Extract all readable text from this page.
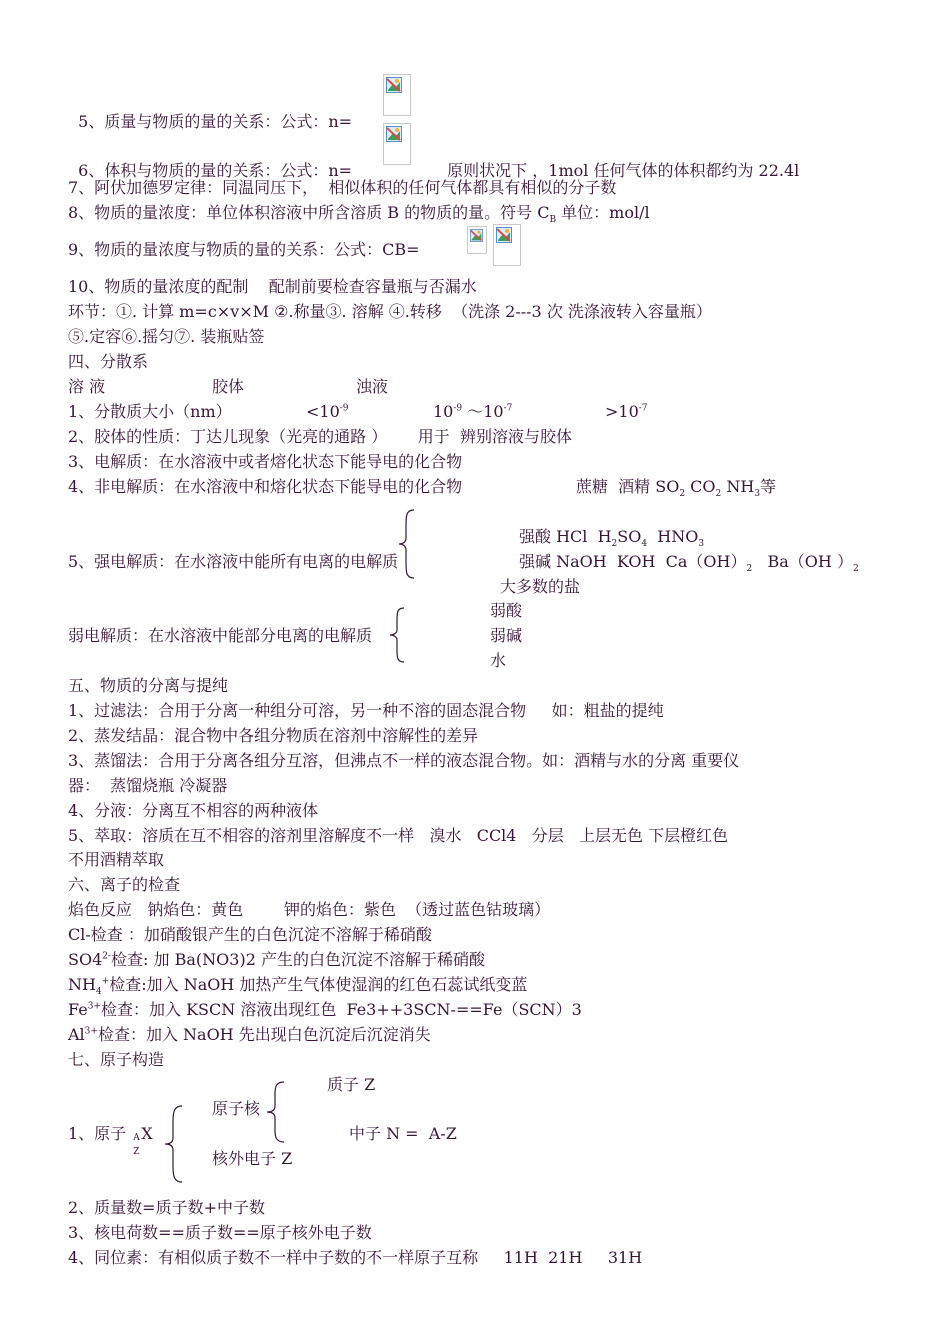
5、质量与物质的量的关系：公式：n=

6、体积与物质的量的关系：公式：n=	原则状况下 ，1mol 任何气体的体积都约为 22.4l

7、阿伏加德罗定律：同温同压下，  相似体积的任何气体都具有相似的分子数
8、物质的量浓度：单位体积溶液中所含溶质 B 的物质的量。符号 $C_B$ 单位：mol/l
9、物质的量浓度与物质的量的关系：公式：CB=
10、物质的量浓度的配制    配制前要检查容量瓶与否漏水
环节：①. 计算 m=c×v×M ②.称量③. 溶解 ④.转移  （洗涤 2---3 次 洗涤液转入容量瓶）
⑤.定容⑥.摇匀⑦. 装瓶贴签
四、分散系
溶 液	胶体	浊液
1、分散质大小（nm）	$<10^{-9}$	$10^{-9}$ $\sim 10^{-7}$	$>10^{-7}$
2、胶体的性质：丁达儿现象（光亮的通路 ）      用于  辨别溶液与胶体
3、电解质：在水溶液中或者熔化状态下能导电的化合物
4、非电解质：在水溶液中和熔化状态下能导电的化合物	蔗糖  酒精 $SO_2$ $CO_2$ $NH_3$等
强酸 HCl  $H_2SO_4$  $HNO_3$
5、强电解质：在水溶液中能所有电离的电解质	强碱 NaOH  KOH  $Ca(OH)_2$   Ba（OH ）$_2$
大多数的盐
弱酸
弱电解质：在水溶液中能部分电离的电解质	弱碱
水
五、物质的分离与提纯
1、过滤法：合用于分离一种组分可溶，另一种不溶的固态混合物     如：粗盐的提纯
2、蒸发结晶：混合物中各组分物质在溶剂中溶解性的差异
3、蒸馏法：合用于分离各组分互溶，但沸点不一样的液态混合物。如：酒精与水的分离 重要仪
器：  蒸馏烧瓶 冷凝器
4、分液：分离互不相容的两种液体
5、萃取：溶质在互不相容的溶剂里溶解度不一样   溴水   CCl4   分层   上层无色 下层橙红色
不用酒精萃取
六、离子的检查
焰色反应   钠焰色：黄色        钾的焰色：紫色  （透过蓝色钴玻璃）
Cl-检查 ：加硝酸银产生的白色沉淀不溶解于稀硝酸
$SO4^{2-}$检查: 加 Ba(NO3)2 产生的白色沉淀不溶解于稀硝酸
$NH_4^+$检查:加入 NaOH 加热产生气体使湿润的红色石蕊试纸变蓝
$Fe^{3+}$检查：加入 KSCN 溶液出现红色  Fe3++3SCN-==Fe（SCN）3
$Al^{3+}$检查：加入 NaOH 先出现白色沉淀后沉淀消失
七、原子构造
质子 Z
原子核
1、原子 A
Z
X	中子 N =  A-Z
核外电子 Z
2、质量数=质子数+中子数
3、核电荷数==质子数==原子核外电子数
4、同位素：有相似质子数不一样中子数的不一样原子互称     11H  21H     31H
